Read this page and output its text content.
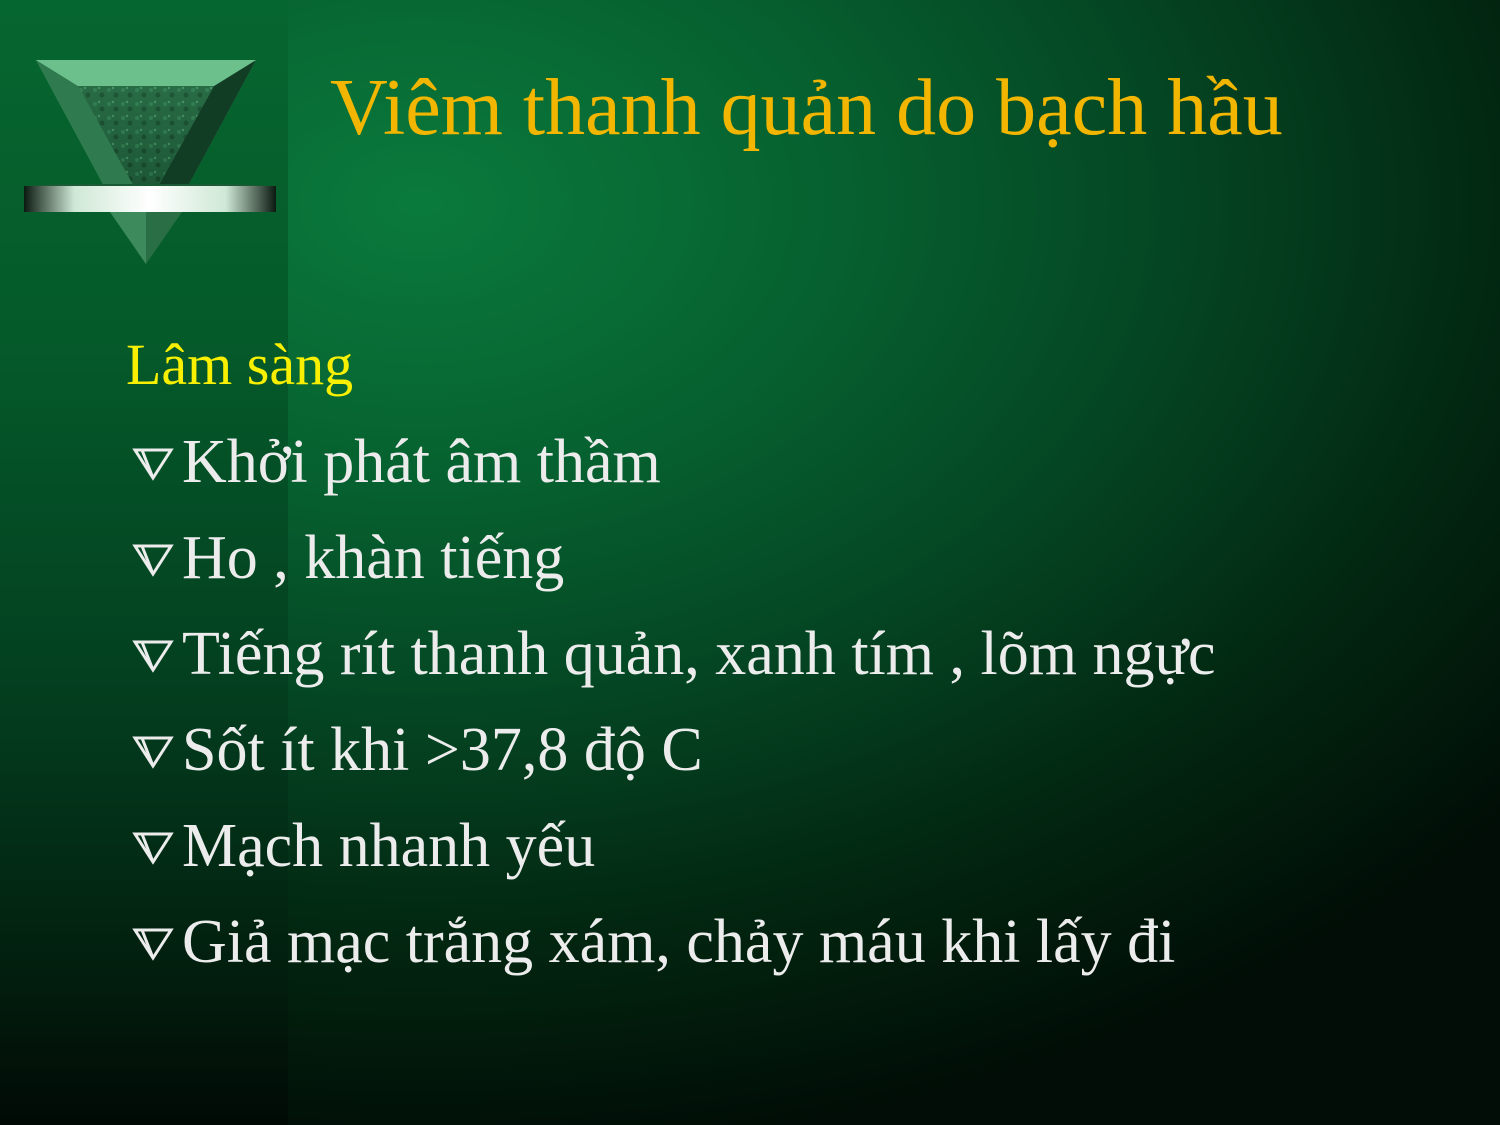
Viêm thanh quản do bạch hầu
Lâm sàng
Khởi phát âm thầm
Ho , khàn tiếng
Tiếng rít thanh quản, xanh tím , lõm ngực
Sốt ít khi >37,8 độ C
Mạch nhanh yếu
Giả mạc trắng xám, chảy máu khi lấy đi
